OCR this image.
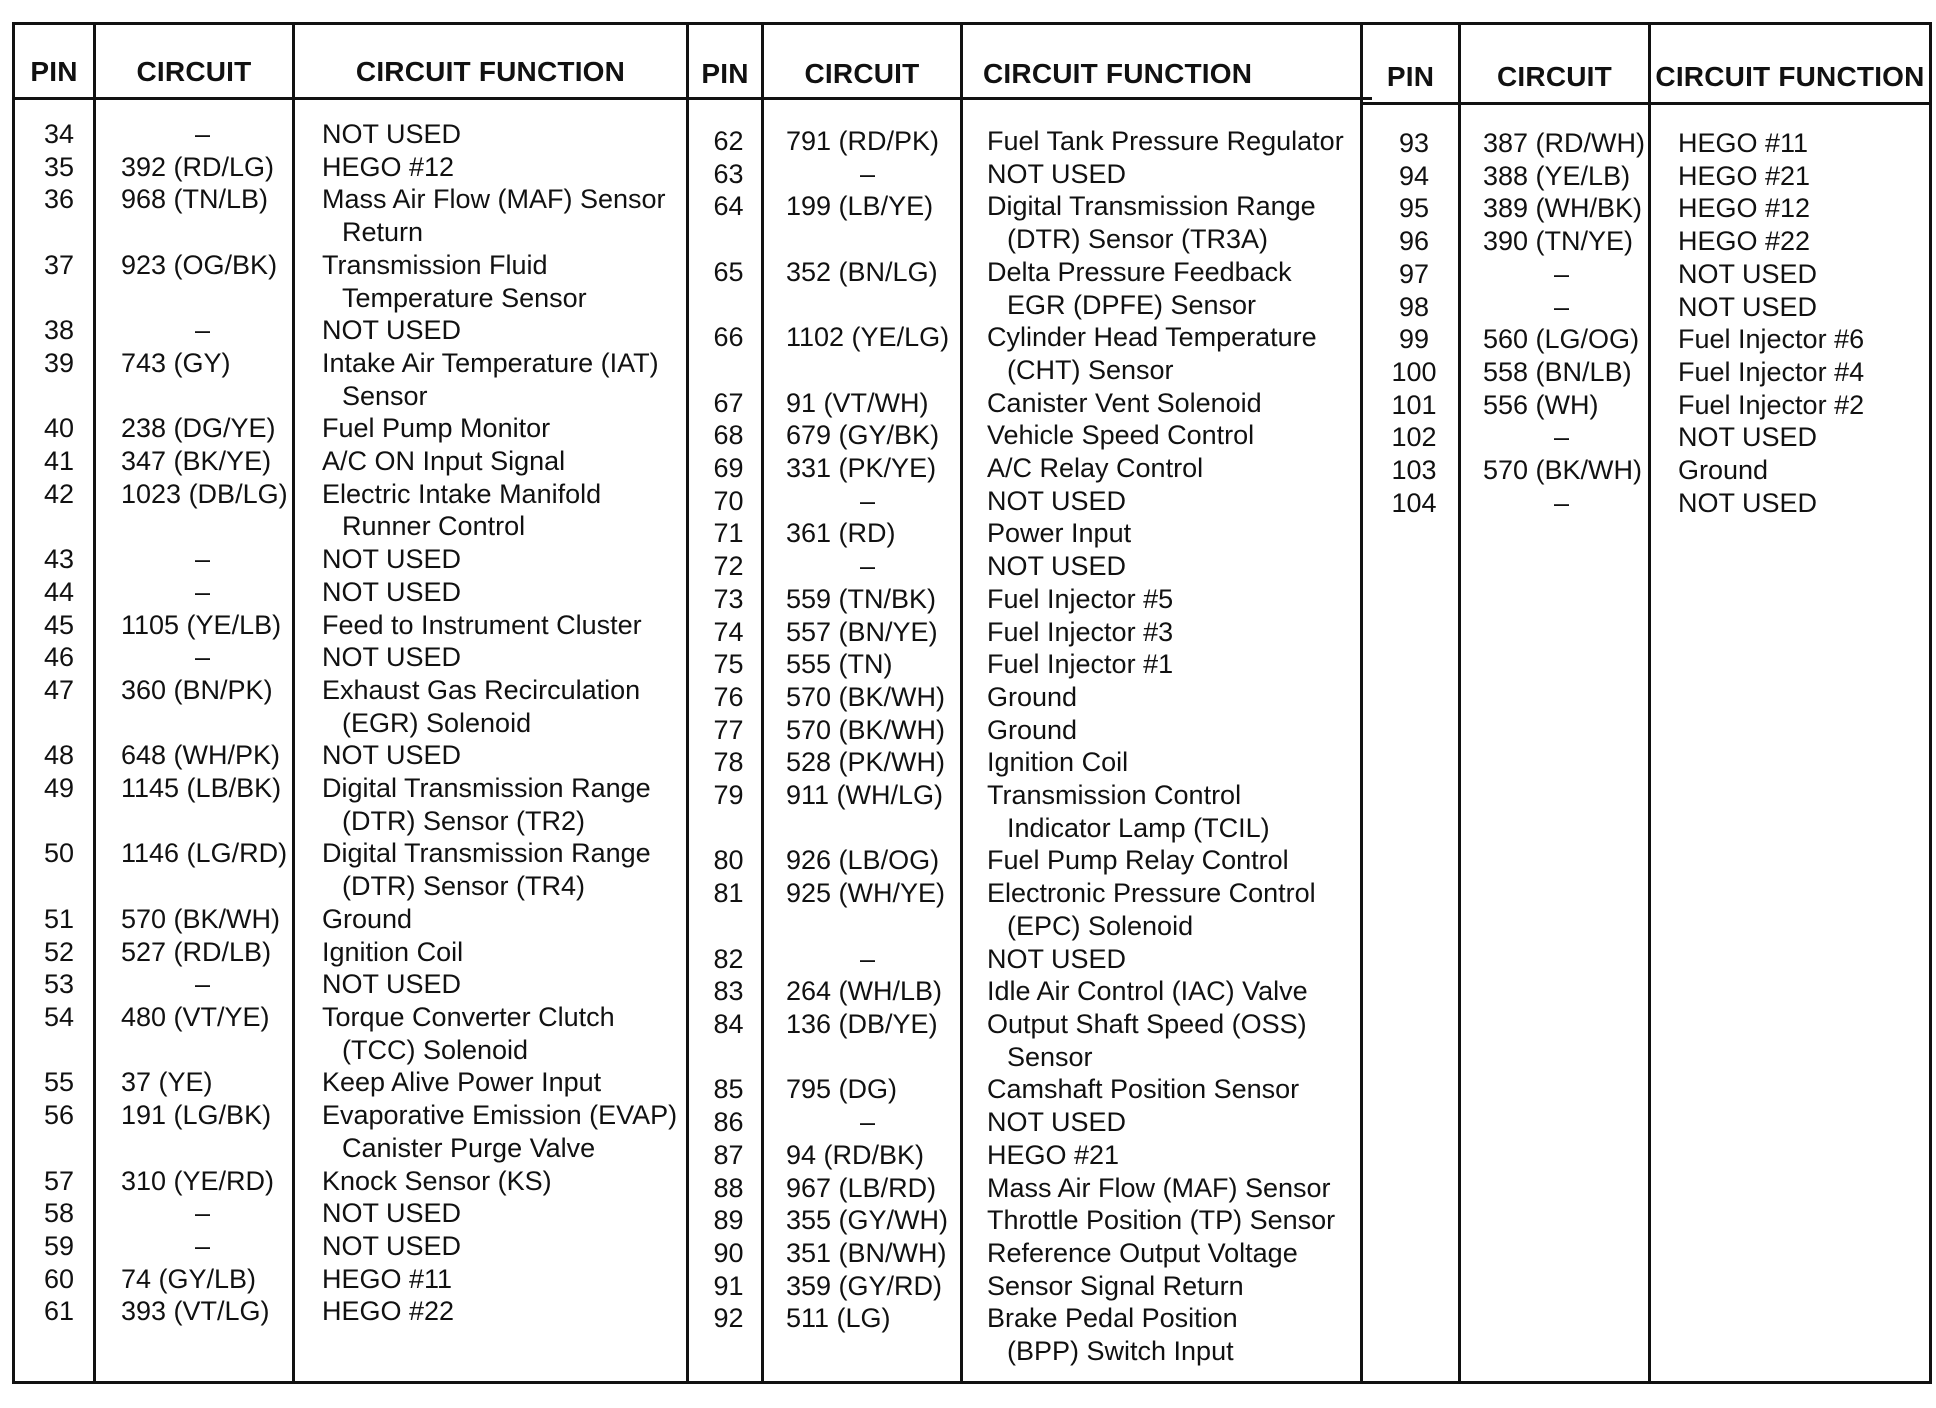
PIN	CIRCUIT	CIRCUIT FUNCTION	PIN	CIRCUIT	CIRCUIT FUNCTION	PIN	CIRCUIT	CIRCUIT FUNCTION
34	–	NOT USED
35	392 (RD/LG)	HEGO #12
36	968 (TN/LB)	Mass Air Flow (MAF) Sensor
Return
37	923 (OG/BK)	Transmission Fluid
Temperature Sensor
38	–	NOT USED
39	743 (GY)	Intake Air Temperature (IAT)
Sensor
40	238 (DG/YE)	Fuel Pump Monitor
41	347 (BK/YE)	A/C ON Input Signal
42	1023 (DB/LG)	Electric Intake Manifold
Runner Control
43	–	NOT USED
44	–	NOT USED
45	1105 (YE/LB)	Feed to Instrument Cluster
46	–	NOT USED
47	360 (BN/PK)	Exhaust Gas Recirculation
(EGR) Solenoid
48	648 (WH/PK)	NOT USED
49	1145 (LB/BK)	Digital Transmission Range
(DTR) Sensor (TR2)
50	1146 (LG/RD)	Digital Transmission Range
(DTR) Sensor (TR4)
51	570 (BK/WH)	Ground
52	527 (RD/LB)	Ignition Coil
53	–	NOT USED
54	480 (VT/YE)	Torque Converter Clutch
(TCC) Solenoid
55	37 (YE)	Keep Alive Power Input
56	191 (LG/BK)	Evaporative Emission (EVAP)
Canister Purge Valve
57	310 (YE/RD)	Knock Sensor (KS)
58	–	NOT USED
59	–	NOT USED
60	74 (GY/LB)	HEGO #11
61	393 (VT/LG)	HEGO #22
62	791 (RD/PK)	Fuel Tank Pressure Regulator
63	–	NOT USED
64	199 (LB/YE)	Digital Transmission Range
(DTR) Sensor (TR3A)
65	352 (BN/LG)	Delta Pressure Feedback
EGR (DPFE) Sensor
66	1102 (YE/LG)	Cylinder Head Temperature
(CHT) Sensor
67	91 (VT/WH)	Canister Vent Solenoid
68	679 (GY/BK)	Vehicle Speed Control
69	331 (PK/YE)	A/C Relay Control
70	–	NOT USED
71	361 (RD)	Power Input
72	–	NOT USED
73	559 (TN/BK)	Fuel Injector #5
74	557 (BN/YE)	Fuel Injector #3
75	555 (TN)	Fuel Injector #1
76	570 (BK/WH)	Ground
77	570 (BK/WH)	Ground
78	528 (PK/WH)	Ignition Coil
79	911 (WH/LG)	Transmission Control
Indicator Lamp (TCIL)
80	926 (LB/OG)	Fuel Pump Relay Control
81	925 (WH/YE)	Electronic Pressure Control
(EPC) Solenoid
82	–	NOT USED
83	264 (WH/LB)	Idle Air Control (IAC) Valve
84	136 (DB/YE)	Output Shaft Speed (OSS)
Sensor
85	795 (DG)	Camshaft Position Sensor
86	–	NOT USED
87	94 (RD/BK)	HEGO #21
88	967 (LB/RD)	Mass Air Flow (MAF) Sensor
89	355 (GY/WH)	Throttle Position (TP) Sensor
90	351 (BN/WH)	Reference Output Voltage
91	359 (GY/RD)	Sensor Signal Return
92	511 (LG)	Brake Pedal Position
(BPP) Switch Input
93	387 (RD/WH)	HEGO #11
94	388 (YE/LB)	HEGO #21
95	389 (WH/BK)	HEGO #12
96	390 (TN/YE)	HEGO #22
97	–	NOT USED
98	–	NOT USED
99	560 (LG/OG)	Fuel Injector #6
100	558 (BN/LB)	Fuel Injector #4
101	556 (WH)	Fuel Injector #2
102	–	NOT USED
103	570 (BK/WH)	Ground
104	–	NOT USED
